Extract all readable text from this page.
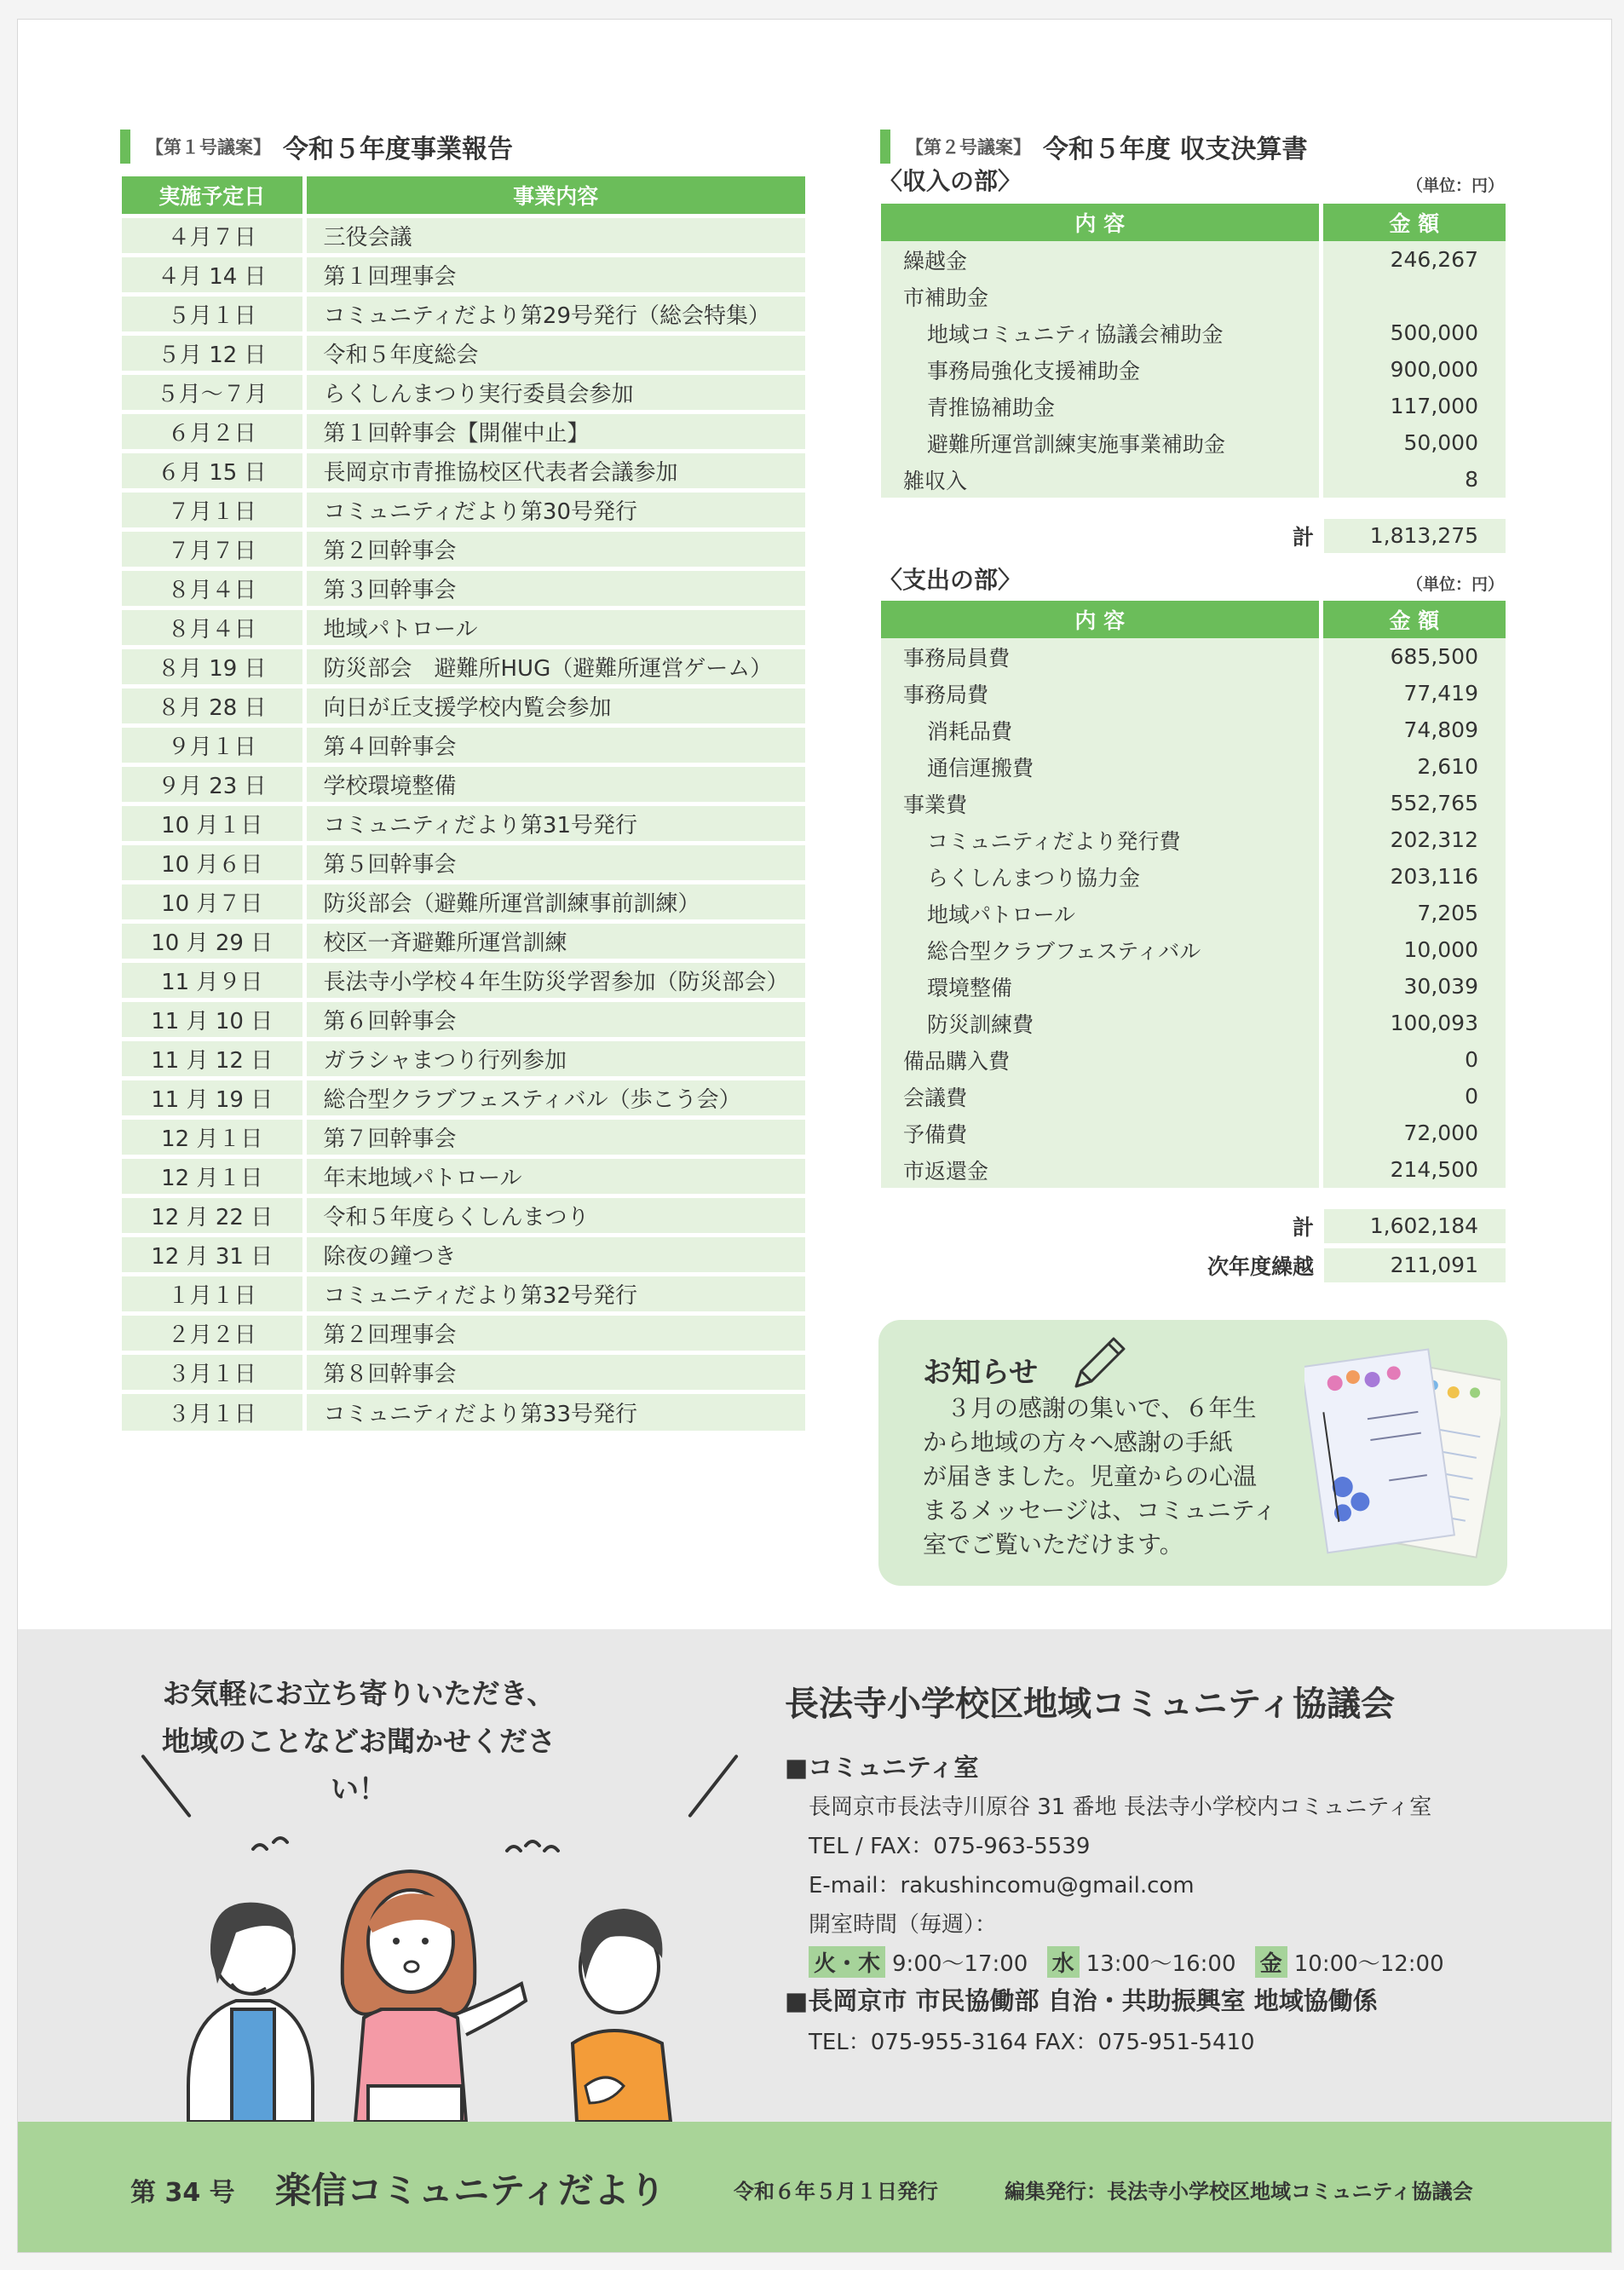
【第１号議案】 令和５年度事業報告
実施予定日	事業内容
４月７日	三役会議
４月 14 日	第１回理事会
５月１日	コミュニティだより第29号発行（総会特集）
５月 12 日	令和５年度総会
５月〜７月	らくしんまつり実行委員会参加
６月２日	第１回幹事会【開催中止】
６月 15 日	長岡京市青推協校区代表者会議参加
７月１日	コミュニティだより第30号発行
７月７日	第２回幹事会
８月４日	第３回幹事会
８月４日	地域パトロール
８月 19 日	防災部会　避難所HUG（避難所運営ゲーム）
８月 28 日	向日が丘支援学校内覧会参加
９月１日	第４回幹事会
９月 23 日	学校環境整備
10 月１日	コミュニティだより第31号発行
10 月６日	第５回幹事会
10 月７日	防災部会（避難所運営訓練事前訓練）
10 月 29 日	校区一斉避難所運営訓練
11 月９日	長法寺小学校４年生防災学習参加（防災部会）
11 月 10 日	第６回幹事会
11 月 12 日	ガラシャまつり行列参加
11 月 19 日	総合型クラブフェスティバル（歩こう会）
12 月１日	第７回幹事会
12 月１日	年末地域パトロール
12 月 22 日	令和５年度らくしんまつり
12 月 31 日	除夜の鐘つき
１月１日	コミュニティだより第32号発行
２月２日	第２回理事会
３月１日	第８回幹事会
３月１日	コミュニティだより第33号発行
【第２号議案】 令和５年度 収支決算書
〈収入の部〉	（単位：円）
内 容	金 額
繰越金	246,267
市補助金	
地域コミュニティ協議会補助金	500,000
事務局強化支援補助金	900,000
青推協補助金	117,000
避難所運営訓練実施事業補助金	50,000
雑収入	8
計	1,813,275
〈支出の部〉	（単位：円）
内 容	金 額
事務局員費	685,500
事務局費	77,419
消耗品費	74,809
通信運搬費	2,610
事業費	552,765
コミュニティだより発行費	202,312
らくしんまつり協力金	203,116
地域パトロール	7,205
総合型クラブフェスティバル	10,000
環境整備	30,039
防災訓練費	100,093
備品購入費	0
会議費	0
予備費	72,000
市返還金	214,500
計	1,602,184
次年度繰越	211,091
お知らせ
３月の感謝の集いで、６年生
から地域の方々へ感謝の手紙
が届きました。児童からの心温
まるメッセージは、コミュニティ
室でご覧いただけます。
お気軽にお立ち寄りいただき、
地域のことなどお聞かせください！
長法寺小学校区地域コミュニティ協議会
■コミュニティ室
長岡京市長法寺川原谷 31 番地 長法寺小学校内コミュニティ室
TEL / FAX：075-963-5539
E-mail：rakushincomu@gmail.com
開室時間（毎週）：
火・木 9:00〜17:00 水 13:00〜16:00 金 10:00〜12:00
■長岡京市 市民協働部 自治・共助振興室 地域協働係
TEL：075-955-3164 FAX：075-951-5410
第 34 号 楽信コミュニティだより	令和６年５月１日発行	編集発行：長法寺小学校区地域コミュニティ協議会
